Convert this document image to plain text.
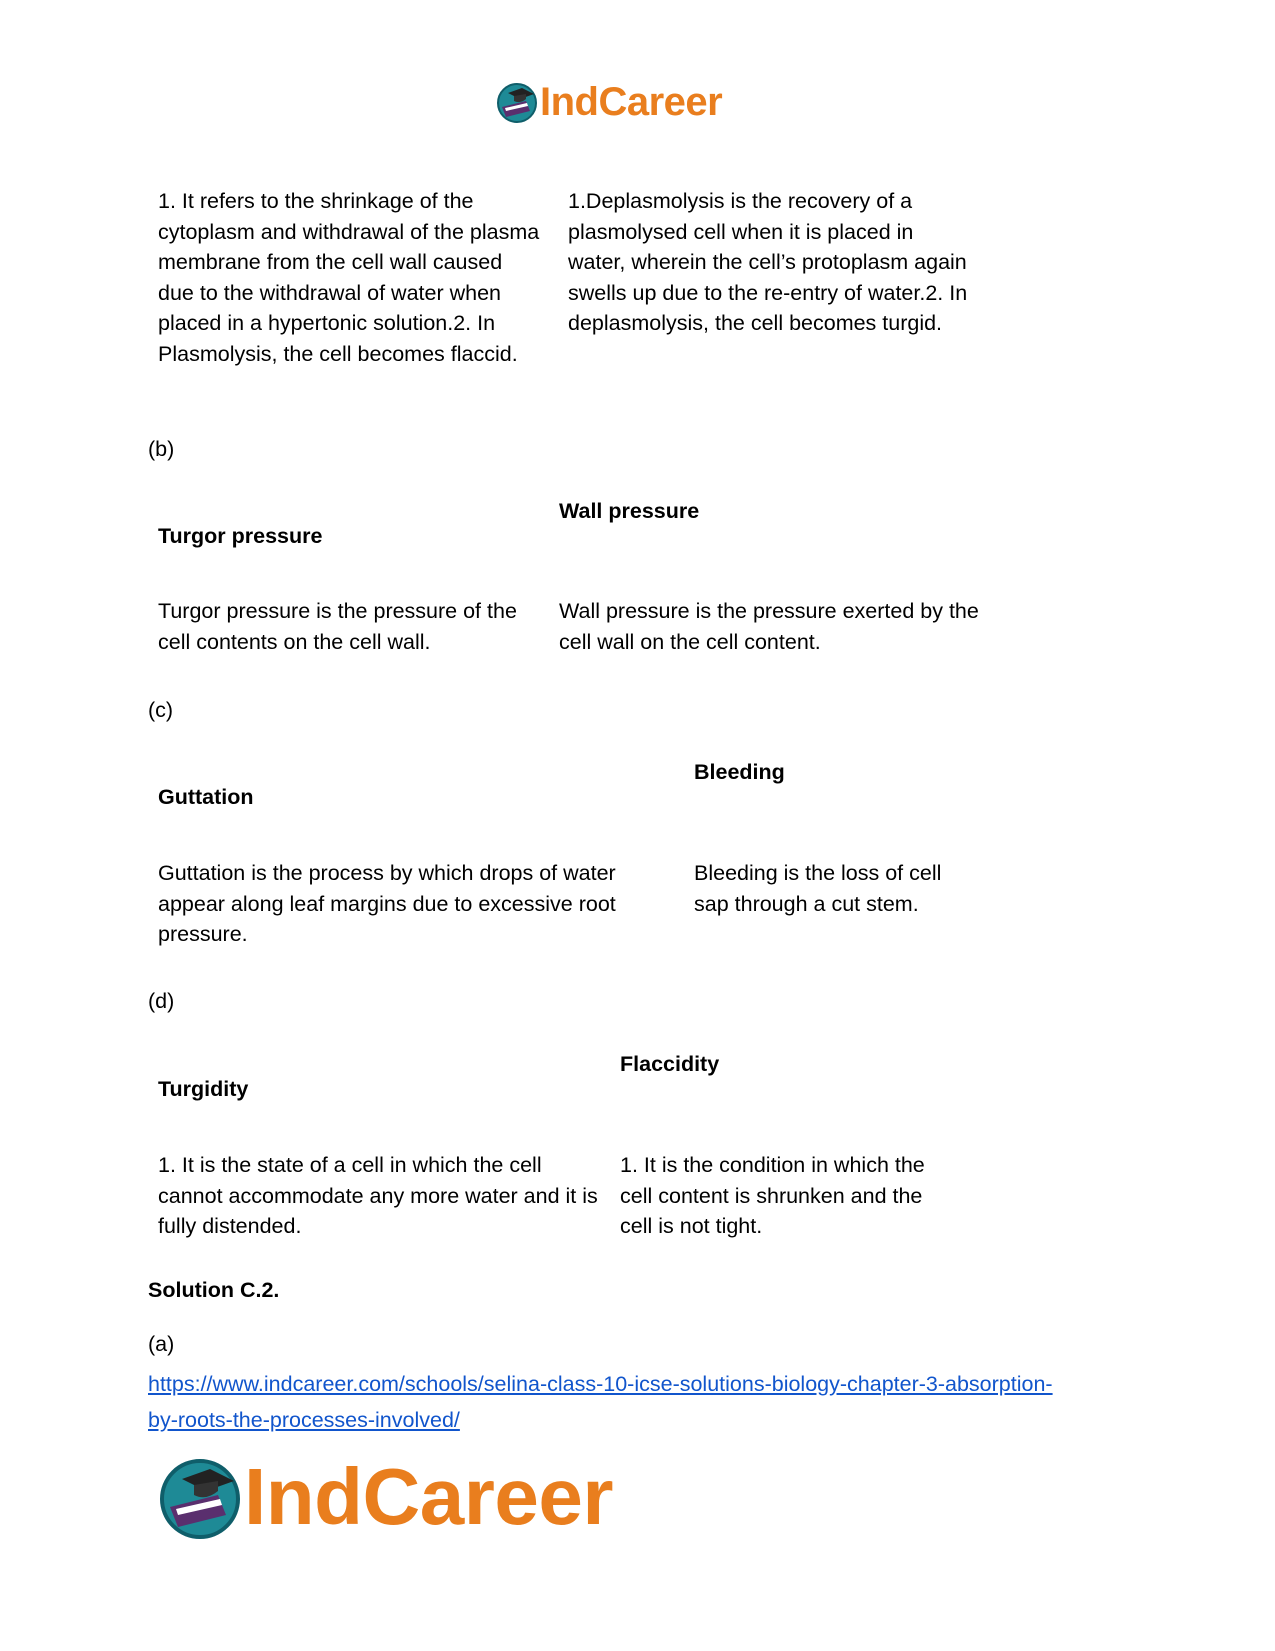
IndCareer
1. It refers to the shrinkage of the cytoplasm and withdrawal of the plasma membrane from the cell wall caused due to the withdrawal of water when placed in a hypertonic solution.2. In Plasmolysis, the cell becomes flaccid.
1.Deplasmolysis is the recovery of a plasmolysed cell when it is placed in water, wherein the cell’s protoplasm again swells up due to the re-entry of water.2. In deplasmolysis, the cell becomes turgid.
(b)
Wall pressure
Turgor pressure
Turgor pressure is the pressure of the cell contents on the cell wall.
Wall pressure is the pressure exerted by the cell wall on the cell content.
(c)
Bleeding
Guttation
Guttation is the process by which drops of water appear along leaf margins due to excessive root pressure.
Bleeding is the loss of cell sap through a cut stem.
(d)
Flaccidity
Turgidity
1. It is the state of a cell in which the cell cannot accommodate any more water and it is fully distended.
1. It is the condition in which the cell content is shrunken and the cell is not tight.
Solution C.2.
(a)
https://www.indcareer.com/schools/selina-class-10-icse-solutions-biology-chapter-3-absorption-
by-roots-the-processes-involved/
IndCareer
